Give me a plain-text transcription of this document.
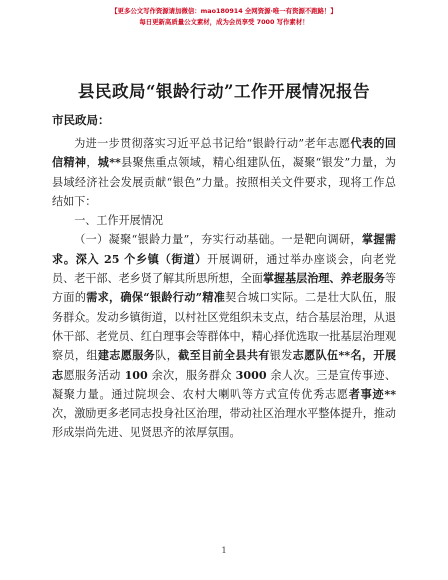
【更多公文写作资源请加微信：mao180914 全网资源·唯一有资源不跑路！】
每日更新高质量公文素材，成为会员享受 7000 写作素材！
县民政局“银龄行动”工作开展情况报告
市民政局：

为进一步贯彻落实习近平总书记给“银龄行动”老年志愿代表的回信精神，城**县聚焦重点领域，精心组建队伍，凝聚“银发”力量，为县域经济社会发展贡献“银色”力量。按照相关文件要求，现将工作总结如下：

一、工作开展情况

（一）凝聚“银龄力量”，夯实行动基础。一是靶向调研，掌握需求。深入 25 个乡镇（街道）开展调研，通过举办座谈会，向老党员、老干部、老乡贤了解其所思所想，全面掌握基层治理、养老服务等方面的需求，确保“银龄行动”精准契合城口实际。二是壮大队伍，服务群众。发动乡镇街道，以村社区党组织未支点，结合基层治理，从退休干部、老党员、红白理事会等群体中，精心择优选取一批基层治理观察员，组建志愿服务队，截至目前全县共有银发志愿队伍**名，开展志愿服务活动 100 余次，服务群众 3000 余人次。三是宣传事迹、凝聚力量。通过院坝会、农村大喇叭等方式宣传优秀志愿者事迹**次，激励更多老同志投身社区治理，带动社区治理水平整体提升，推动形成崇尚先进、见贤思齐的浓厚氛围。

1
